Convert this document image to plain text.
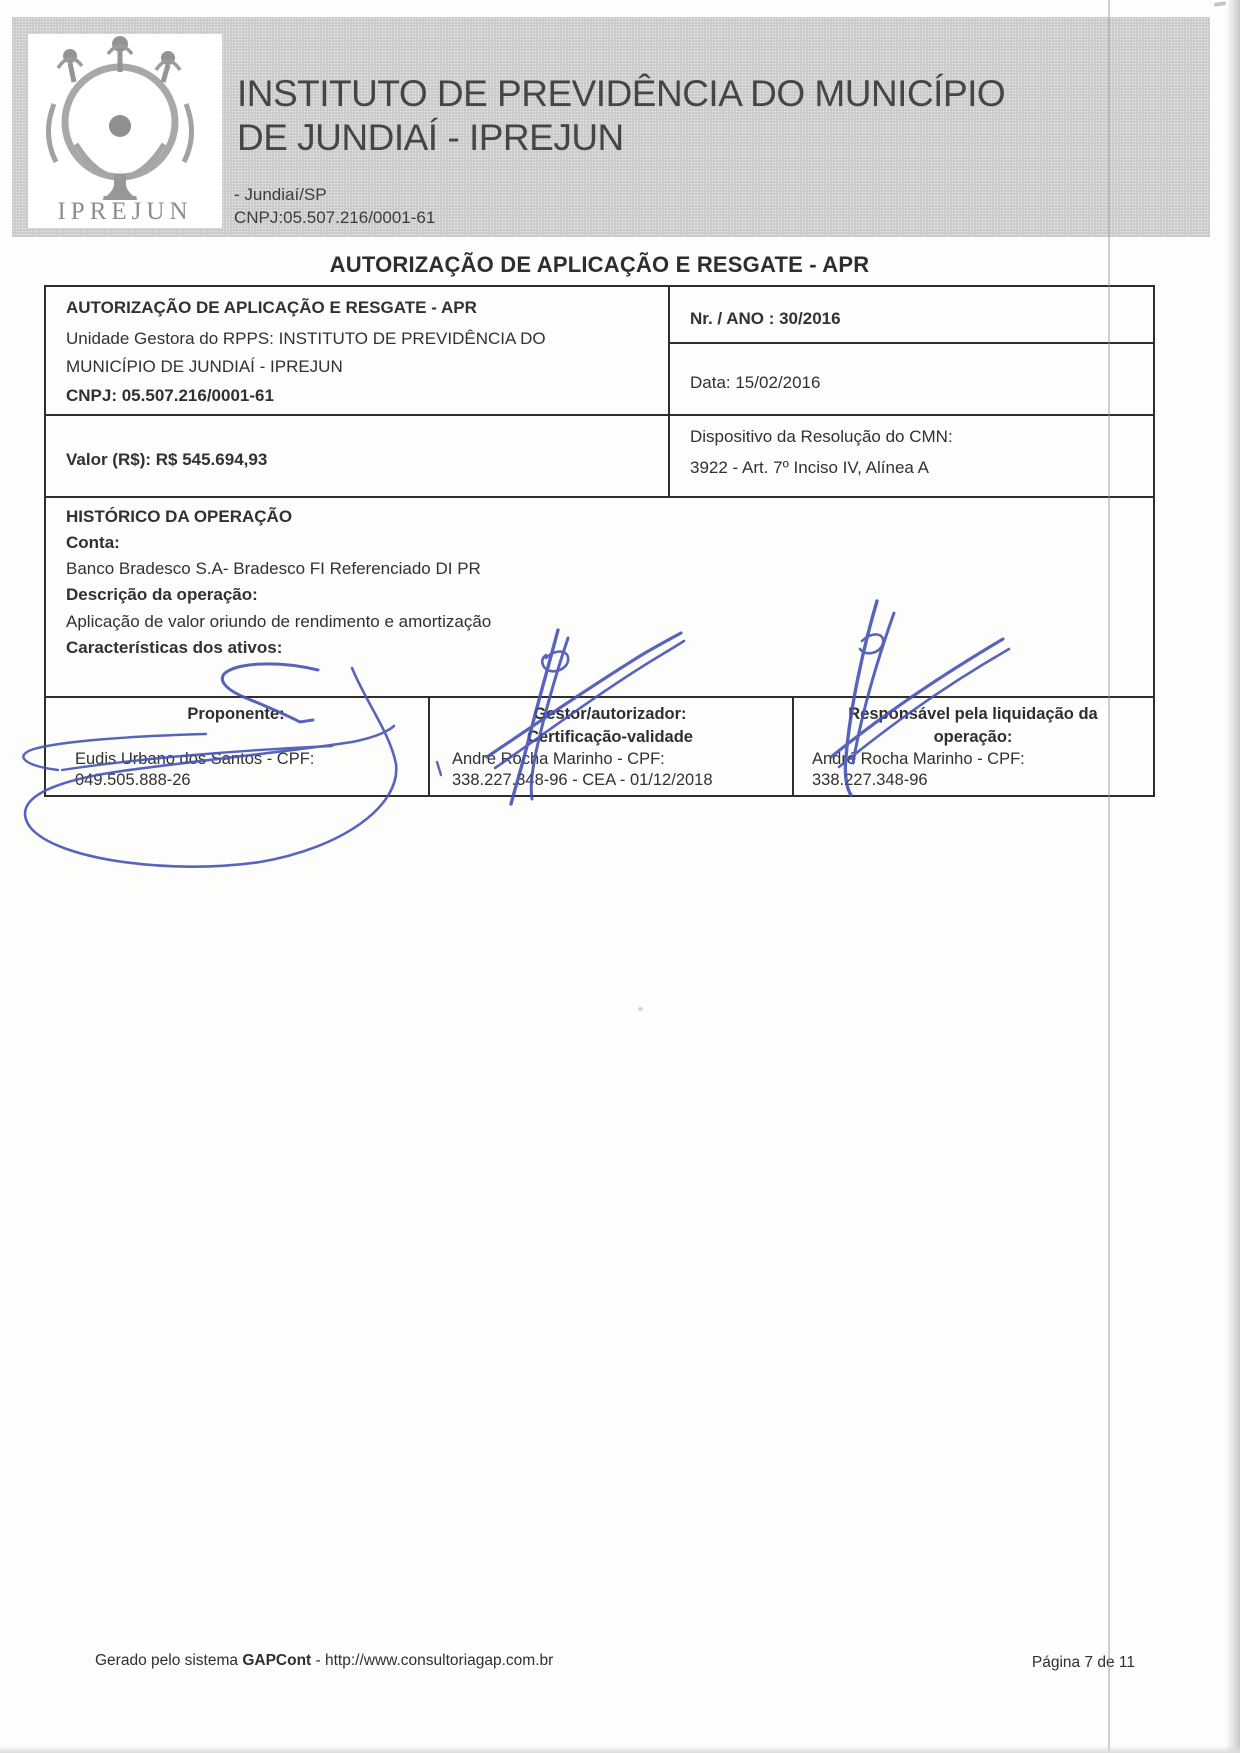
IPREJUN
INSTITUTO DE PREVIDÊNCIA DO MUNICÍPIO
DE JUNDIAÍ - IPREJUN
- Jundiaí/SP
CNPJ:05.507.216/0001-61
AUTORIZAÇÃO DE APLICAÇÃO E RESGATE - APR
AUTORIZAÇÃO DE APLICAÇÃO E RESGATE - APR
Unidade Gestora do RPPS: INSTITUTO DE PREVIDÊNCIA DO MUNICÍPIO DE JUNDIAÍ - IPREJUN
CNPJ: 05.507.216/0001-61
Nr. / ANO : 30/2016
Data: 15/02/2016
Valor (R$): R$ 545.694,93
Dispositivo da Resolução do CMN:
3922 - Art. 7º Inciso IV, Alínea A
HISTÓRICO DA OPERAÇÃO
Conta:
Banco Bradesco S.A- Bradesco FI Referenciado DI PR
Descrição da operação:
Aplicação de valor oriundo de rendimento e amortização
Características dos ativos:
Proponente:
Eudis Urbano dos Santos - CPF:
049.505.888-26
Gestor/autorizador:
Certificação-validade
André Rocha Marinho - CPF:
338.227.348-96 - CEA - 01/12/2018
Responsável pela liquidação da
operação:
André Rocha Marinho - CPF:
338.227.348-96
Gerado pelo sistema GAPCont - http://www.consultoriagap.com.br	Página 7 de 11
